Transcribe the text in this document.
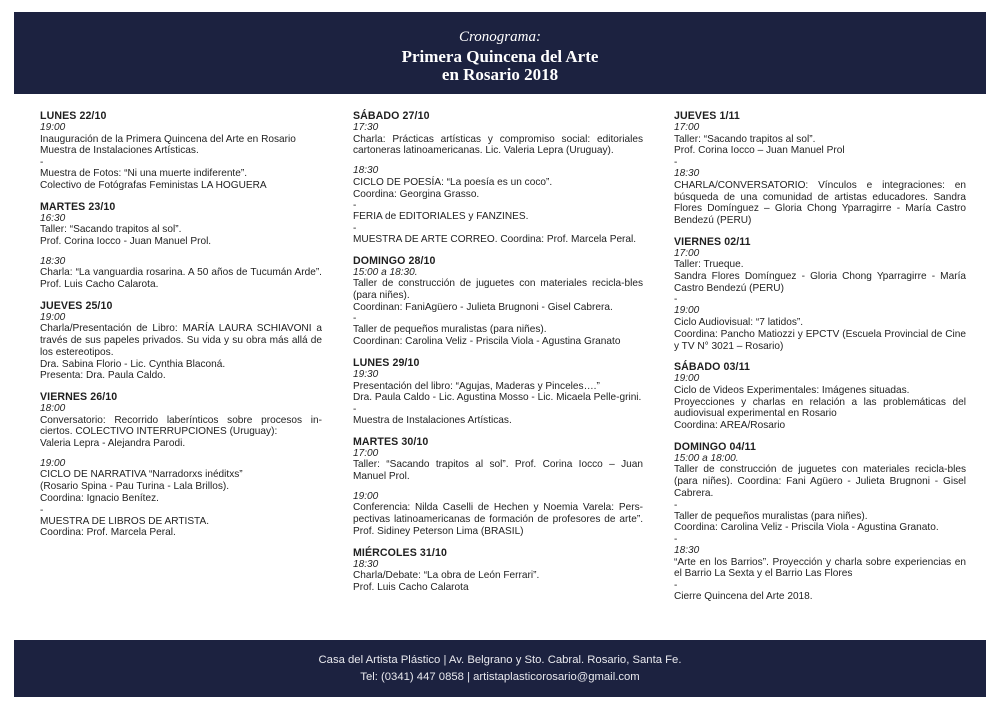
Cronograma:
Primera Quincena del Arte
en Rosario 2018
LUNES 22/10
19:00
Inauguración de la Primera Quincena del Arte en Rosario
Muestra de Instalaciones Artísticas.
-
Muestra de Fotos: “Ni una muerte indiferente”.
Colectivo de Fotógrafas Feministas LA HOGUERA
MARTES 23/10
16:30
Taller: “Sacando trapitos al sol”.
Prof. Corina Iocco - Juan Manuel Prol.
18:30
Charla: “La vanguardia rosarina. A 50 años de Tucumán Arde”. Prof. Luis Cacho Calarota.
JUEVES 25/10
19:00
Charla/Presentación de Libro: MARÍA LAURA SCHIAVONI a través de sus papeles privados. Su vida y su obra más allá de los estereotipos.
Dra. Sabina Florio - Lic. Cynthia Blaconá.
Presenta: Dra. Paula Caldo.
VIERNES 26/10
18:00
Conversatorio: Recorrido laberínticos sobre procesos in-ciertos. COLECTIVO INTERRUPCIONES (Uruguay):
Valeria Lepra - Alejandra Parodi.
19:00
CICLO DE NARRATIVA “Narradorxs inéditxs”
(Rosario Spina - Pau Turina - Lala Brillos).
Coordina: Ignacio Benítez.
-
MUESTRA DE LIBROS DE ARTISTA.
Coordina: Prof. Marcela Peral.
SÁBADO 27/10
17:30
Charla: Prácticas artísticas y compromiso social: editoriales cartoneras latinoamericanas. Lic. Valeria Lepra (Uruguay).
18:30
CICLO DE POESÍA: “La poesía es un coco”.
Coordina: Georgina Grasso.
-
FERIA de EDITORIALES y FANZINES.
-
MUESTRA DE ARTE CORREO. Coordina: Prof. Marcela Peral.
DOMINGO 28/10
15:00 a 18:30.
Taller de construcción de juguetes con materiales recicla-bles (para niñes).
Coordinan: FaniAgüero - Julieta Brugnoni - Gisel Cabrera.
-
Taller de pequeños muralistas (para niñes).
Coordinan: Carolina Veliz - Priscila Viola - Agustina Granato
LUNES 29/10
19:30
Presentación del libro: “Agujas, Maderas y Pinceles….”
Dra. Paula Caldo - Lic. Agustina Mosso - Lic. Micaela Pelle-grini.
-
Muestra de Instalaciones Artísticas.
MARTES 30/10
17:00
Taller: “Sacando trapitos al sol”. Prof. Corina Iocco – Juan Manuel Prol.
19:00
Conferencia: Nilda Caselli de Hechen y Noemia Varela: Pers-pectivas latinoamericanas de formación de profesores de arte”. Prof. Sidiney Peterson Lima (BRASIL)
MIÉRCOLES 31/10
18:30
Charla/Debate: “La obra de León Ferrari”.
Prof. Luis Cacho Calarota
JUEVES 1/11
17:00
Taller: “Sacando trapitos al sol”.
Prof. Corina Iocco – Juan Manuel Prol
-
18:30
CHARLA/CONVERSATORIO: Vínculos e integraciones: en búsqueda de una comunidad de artistas educadores. Sandra Flores Domínguez – Gloria Chong Yparragirre - María Castro Bendezú (PERU)
VIERNES 02/11
17:00
Taller: Trueque.
Sandra Flores Domínguez - Gloria Chong Yparragirre - María Castro Bendezú (PERU)
-
19:00
Ciclo Audiovisual: “7 latidos”.
Coordina: Pancho Matiozzi y EPCTV (Escuela Provincial de Cine y TV N° 3021 – Rosario)
SÁBADO 03/11
19:00
Ciclo de Videos Experimentales: Imágenes situadas.
Proyecciones y charlas en relación a las problemáticas del audiovisual experimental en Rosario
Coordina: AREA/Rosario
DOMINGO 04/11
15:00 a 18:00.
Taller de construcción de juguetes con materiales recicla-bles (para niñes). Coordina: Fani Agüero - Julieta Brugnoni - Gisel Cabrera.
-
Taller de pequeños muralistas (para niñes).
Coordina: Carolina Veliz - Priscila Viola - Agustina Granato.
-
18:30
“Arte en los Barrios”. Proyección y charla sobre experiencias en el Barrio La Sexta y el Barrio Las Flores
-
Cierre Quincena del Arte 2018.
Casa del Artista Plástico | Av. Belgrano y Sto. Cabral. Rosario, Santa Fe.
Tel: (0341) 447 0858 | artistaplasticorosario@gmail.com
